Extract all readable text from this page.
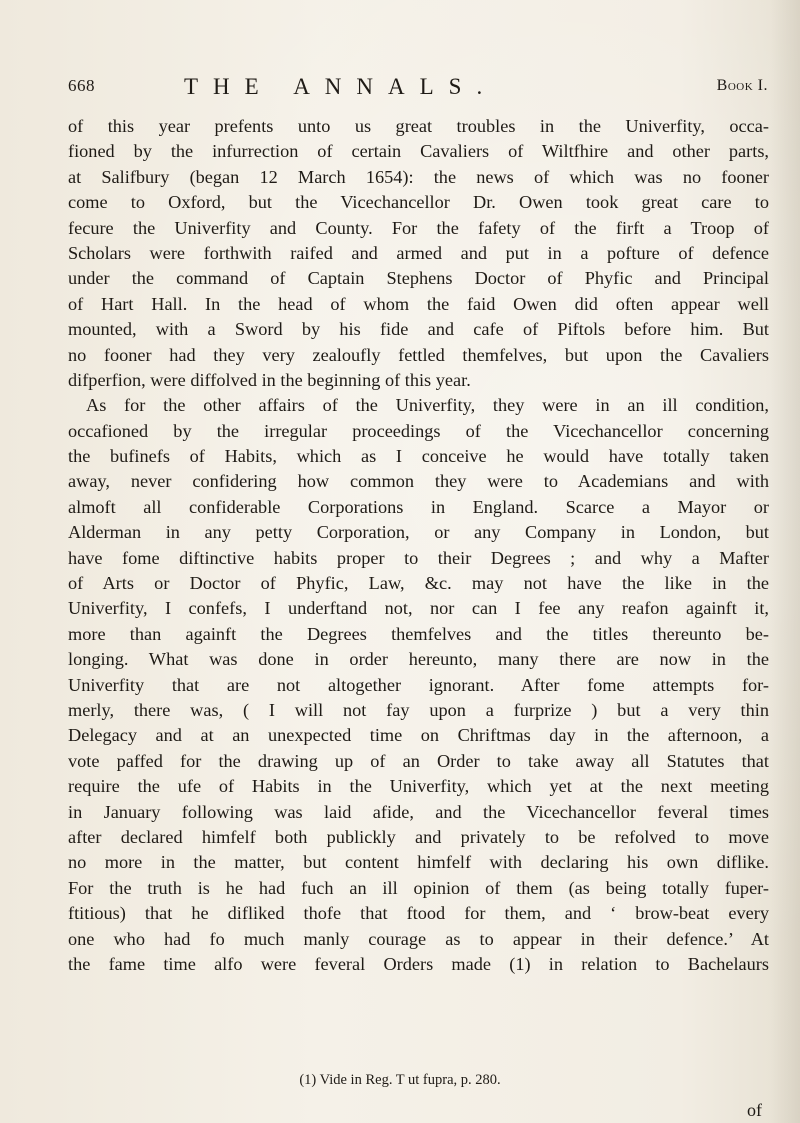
668	THE ANNALS.	Book I.
of this year prefents unto us great troubles in the Univerfity, occa-
fioned by the infurrection of certain Cavaliers of Wiltfhire and other parts,
at Salifbury (began 12 March 1654): the news of which was no fooner
come to Oxford, but the Vicechancellor Dr. Owen took great care to
fecure the Univerfity and County. For the fafety of the firft a Troop of
Scholars were forthwith raifed and armed and put in a pofture of defence
under the command of Captain Stephens Doctor of Phyfic and Principal
of Hart Hall. In the head of whom the faid Owen did often appear well
mounted, with a Sword by his fide and cafe of Piftols before him. But
no fooner had they very zealoufly fettled themfelves, but upon the Cavaliers
difperfion, were diffolved in the beginning of this year.
As for the other affairs of the Univerfity, they were in an ill condition,
occafioned by the irregular proceedings of the Vicechancellor concerning
the bufinefs of Habits, which as I conceive he would have totally taken
away, never confidering how common they were to Academians and with
almoft all confiderable Corporations in England. Scarce a Mayor or
Alderman in any petty Corporation, or any Company in London, but
have fome diftinctive habits proper to their Degrees ; and why a Mafter
of Arts or Doctor of Phyfic, Law, &c. may not have the like in the
Univerfity, I confefs, I underftand not, nor can I fee any reafon againft it,
more than againft the Degrees themfelves and the titles thereunto be-
longing. What was done in order hereunto, many there are now in the
Univerfity that are not altogether ignorant. After fome attempts for-
merly, there was, ( I will not fay upon a furprize ) but a very thin
Delegacy and at an unexpected time on Chriftmas day in the afternoon, a
vote paffed for the drawing up of an Order to take away all Statutes that
require the ufe of Habits in the Univerfity, which yet at the next meeting
in January following was laid afide, and the Vicechancellor feveral times
after declared himfelf both publickly and privately to be refolved to move
no more in the matter, but content himfelf with declaring his own diflike.
For the truth is he had fuch an ill opinion of them (as being totally fuper-
ftitious) that he difliked thofe that ftood for them, and ‘ brow-beat every
one who had fo much manly courage as to appear in their defence.’ At
the fame time alfo were feveral Orders made (1) in relation to Bachelaurs
(1) Vide in Reg. T ut fupra, p. 280.
of
